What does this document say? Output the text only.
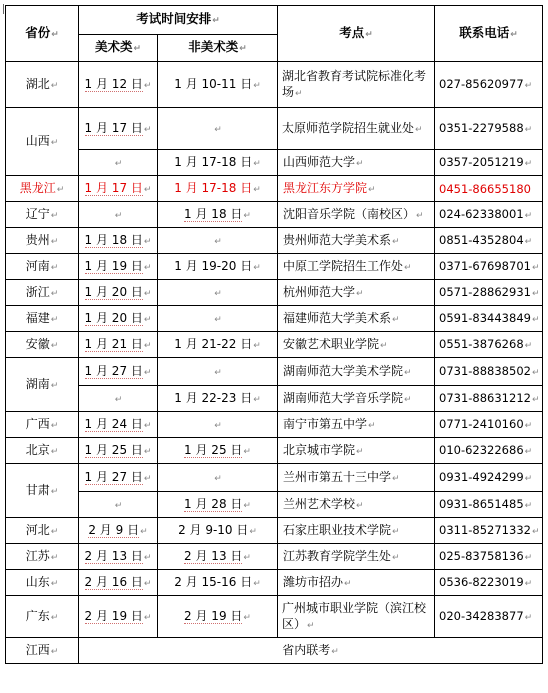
省份↵	考试时间安排↵		考点↵	联系电话↵
	美术类↵	非美术类↵		
湖北↵	1 月 12 日↵	1 月 10-11 日↵	湖北省教育考试院标准化考场↵	027-85620977↵
山西↵	1 月 17 日↵	↵	太原师范学院招生就业处↵	0351-2279588↵
	↵	1 月 17-18 日↵	山西师范大学↵	0357-2051219↵
黑龙江↵	1 月 17 日↵	1 月 17-18 日↵	黑龙江东方学院↵	0451-86655180
辽宁↵	↵	1 月 18 日↵	沈阳音乐学院（南校区）↵	024-62338001↵
贵州↵	1 月 18 日↵	↵	贵州师范大学美术系↵	0851-4352804↵
河南↵	1 月 19 日↵	1 月 19-20 日↵	中原工学院招生工作处↵	0371-67698701↵
浙江↵	1 月 20 日↵	↵	杭州师范大学↵	0571-28862931↵
福建↵	1 月 20 日↵	↵	福建师范大学美术系↵	0591-83443849↵
安徽↵	1 月 21 日↵	1 月 21-22 日↵	安徽艺术职业学院↵	0551-3876268↵
湖南↵	1 月 27 日↵	↵	湖南师范大学美术学院↵	0731-88838502↵
	↵	1 月 22-23 日↵	湖南师范大学音乐学院↵	0731-88631212↵
广西↵	1 月 24 日↵	↵	南宁市第五中学↵	0771-2410160↵
北京↵	1 月 25 日↵	1 月 25 日↵	北京城市学院↵	010-62322686↵
甘肃↵	1 月 27 日↵	↵	兰州市第五十三中学↵	0931-4924299↵
	↵	1 月 28 日↵	兰州艺术学校↵	0931-8651485↵
河北↵	2 月 9 日↵	2 月 9-10 日↵	石家庄职业技术学院↵	0311-85271332↵
江苏↵	2 月 13 日↵	2 月 13 日↵	江苏教育学院学生处↵	025-83758136↵
山东↵	2 月 16 日↵	2 月 15-16 日↵	潍坊市招办↵	0536-8223019↵
广东↵	2 月 19 日↵	2 月 19 日↵	广州城市职业学院（滨江校区）↵	020-34283877↵
江西↵	省内联考↵			
